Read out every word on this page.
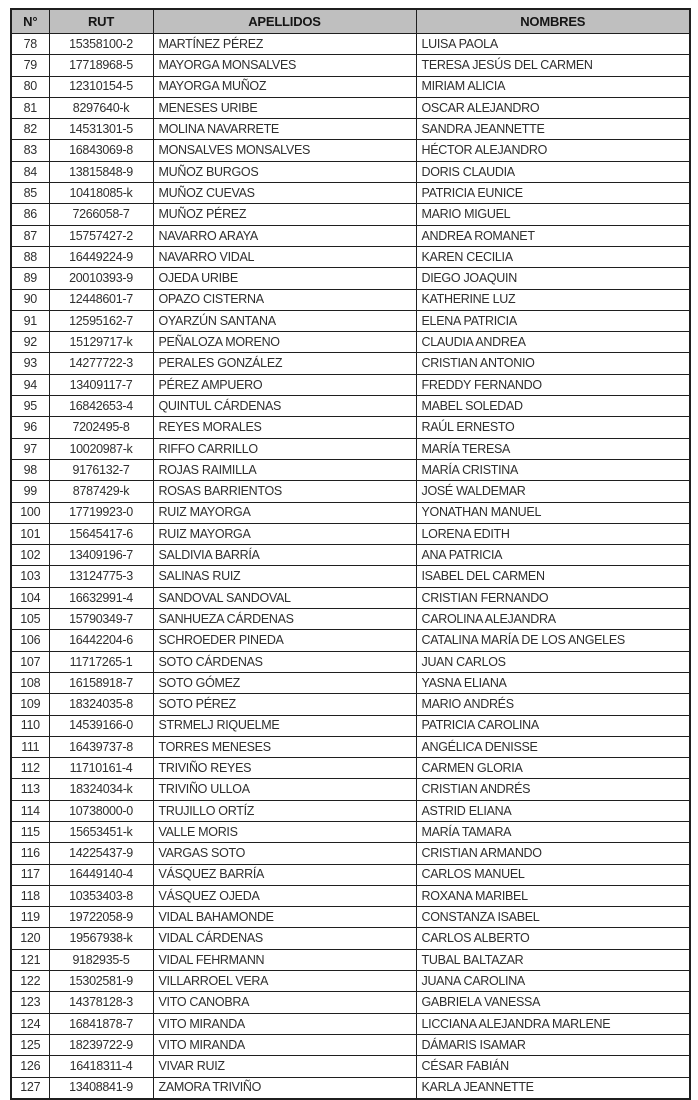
N°	RUT	APELLIDOS	NOMBRES
78	15358100-2	MARTÍNEZ PÉREZ	LUISA PAOLA
79	17718968-5	MAYORGA MONSALVES	TERESA JESÚS DEL CARMEN
80	12310154-5	MAYORGA MUÑOZ	MIRIAM ALICIA
81	8297640-k	MENESES URIBE	OSCAR ALEJANDRO
82	14531301-5	MOLINA NAVARRETE	SANDRA JEANNETTE
83	16843069-8	MONSALVES MONSALVES	HÉCTOR ALEJANDRO
84	13815848-9	MUÑOZ BURGOS	DORIS CLAUDIA
85	10418085-k	MUÑOZ CUEVAS	PATRICIA EUNICE
86	7266058-7	MUÑOZ PÉREZ	MARIO MIGUEL
87	15757427-2	NAVARRO ARAYA	ANDREA ROMANET
88	16449224-9	NAVARRO VIDAL	KAREN CECILIA
89	20010393-9	OJEDA URIBE	DIEGO JOAQUIN
90	12448601-7	OPAZO CISTERNA	KATHERINE LUZ
91	12595162-7	OYARZÚN SANTANA	ELENA PATRICIA
92	15129717-k	PEÑALOZA MORENO	CLAUDIA ANDREA
93	14277722-3	PERALES GONZÁLEZ	CRISTIAN ANTONIO
94	13409117-7	PÉREZ AMPUERO	FREDDY FERNANDO
95	16842653-4	QUINTUL CÁRDENAS	MABEL SOLEDAD
96	7202495-8	REYES MORALES	RAÚL ERNESTO
97	10020987-k	RIFFO CARRILLO	MARÍA TERESA
98	9176132-7	ROJAS RAIMILLA	MARÍA CRISTINA
99	8787429-k	ROSAS BARRIENTOS	JOSÉ WALDEMAR
100	17719923-0	RUIZ MAYORGA	YONATHAN MANUEL
101	15645417-6	RUIZ MAYORGA	LORENA EDITH
102	13409196-7	SALDIVIA BARRÍA	ANA PATRICIA
103	13124775-3	SALINAS RUIZ	ISABEL DEL CARMEN
104	16632991-4	SANDOVAL SANDOVAL	CRISTIAN FERNANDO
105	15790349-7	SANHUEZA CÁRDENAS	CAROLINA ALEJANDRA
106	16442204-6	SCHROEDER PINEDA	CATALINA MARÍA DE LOS ANGELES
107	11717265-1	SOTO CÁRDENAS	JUAN CARLOS
108	16158918-7	SOTO GÓMEZ	YASNA ELIANA
109	18324035-8	SOTO PÉREZ	MARIO ANDRÉS
110	14539166-0	STRMELJ RIQUELME	PATRICIA CAROLINA
111	16439737-8	TORRES MENESES	ANGÉLICA DENISSE
112	11710161-4	TRIVIÑO REYES	CARMEN GLORIA
113	18324034-k	TRIVIÑO ULLOA	CRISTIAN ANDRÉS
114	10738000-0	TRUJILLO ORTÍZ	ASTRID ELIANA
115	15653451-k	VALLE MORIS	MARÍA TAMARA
116	14225437-9	VARGAS SOTO	CRISTIAN ARMANDO
117	16449140-4	VÁSQUEZ BARRÍA	CARLOS MANUEL
118	10353403-8	VÁSQUEZ OJEDA	ROXANA MARIBEL
119	19722058-9	VIDAL BAHAMONDE	CONSTANZA ISABEL
120	19567938-k	VIDAL CÁRDENAS	CARLOS ALBERTO
121	9182935-5	VIDAL FEHRMANN	TUBAL BALTAZAR
122	15302581-9	VILLARROEL VERA	JUANA CAROLINA
123	14378128-3	VITO CANOBRA	GABRIELA VANESSA
124	16841878-7	VITO MIRANDA	LICCIANA ALEJANDRA MARLENE
125	18239722-9	VITO MIRANDA	DÁMARIS ISAMAR
126	16418311-4	VIVAR RUIZ	CÉSAR FABIÁN
127	13408841-9	ZAMORA TRIVIÑO	KARLA JEANNETTE
